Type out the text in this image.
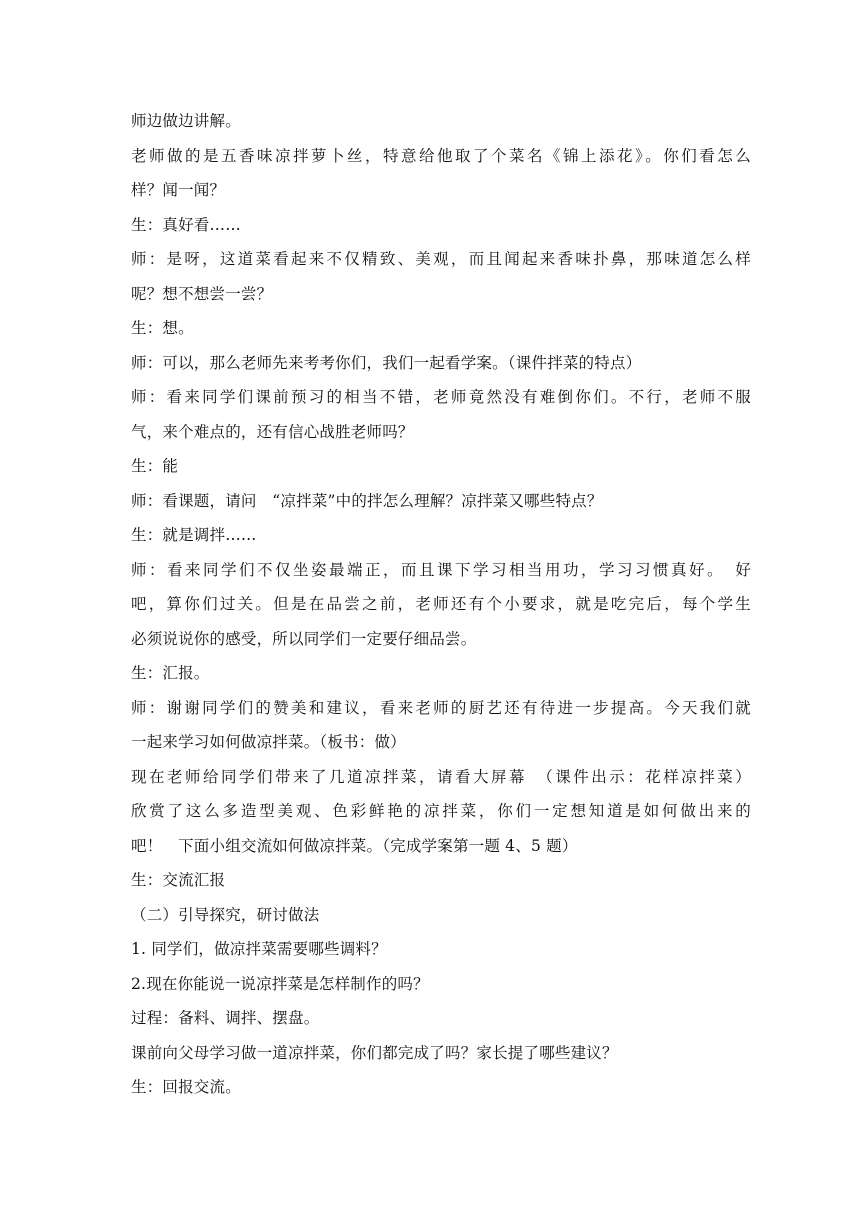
师边做边讲解。
老师做的是五香味凉拌萝卜丝，特意给他取了个菜名《锦上添花》。你们看怎么
样？闻一闻？
生：真好看……
师：是呀，这道菜看起来不仅精致、美观，而且闻起来香味扑鼻，那味道怎么样
呢？想不想尝一尝？
生：想。
师：可以，那么老师先来考考你们，我们一起看学案。（课件拌菜的特点）
师：看来同学们课前预习的相当不错，老师竟然没有难倒你们。不行，老师不服
气，来个难点的，还有信心战胜老师吗？
生：能
师：看课题，请问　“凉拌菜”中的拌怎么理解？凉拌菜又哪些特点？
生：就是调拌……
师：看来同学们不仅坐姿最端正，而且课下学习相当用功，学习习惯真好。　好
吧，算你们过关。但是在品尝之前，老师还有个小要求，就是吃完后，每个学生
必须说说你的感受，所以同学们一定要仔细品尝。
生：汇报。
师：谢谢同学们的赞美和建议，看来老师的厨艺还有待进一步提高。今天我们就
一起来学习如何做凉拌菜。（板书：做）
现在老师给同学们带来了几道凉拌菜，请看大屏幕　（课件出示：花样凉拌菜）
欣赏了这么多造型美观、色彩鲜艳的凉拌菜，你们一定想知道是如何做出来的
吧！　下面小组交流如何做凉拌菜。（完成学案第一题 4、5 题）
生：交流汇报
（二）引导探究，研讨做法
1. 同学们，做凉拌菜需要哪些调料？
2.现在你能说一说凉拌菜是怎样制作的吗？
过程：备料、调拌、摆盘。
课前向父母学习做一道凉拌菜，你们都完成了吗？家长提了哪些建议？
生：回报交流。
